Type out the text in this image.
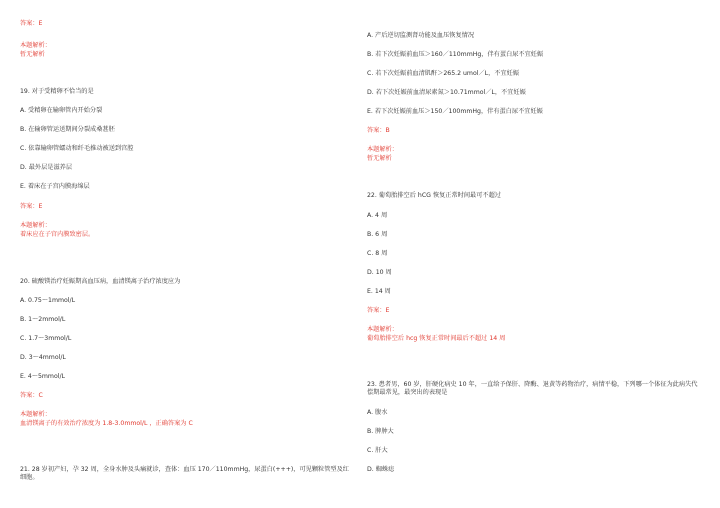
答案：E
本题解析：
暂无解析
19. 对于受精卵不恰当的是
A. 受精卵在输卵管内开始分裂
B. 在输卵管运送期间分裂成桑葚胚
C. 依靠输卵管蠕动和纤毛推动被送到宫腔
D. 最外层是滋养层
E. 着床在子宫内膜海绵层
答案：E
本题解析：
着床应在子宫内膜致密层。
20. 硫酸镁治疗妊娠期高血压病，血清镁离子治疗浓度应为
A. 0.75～1mmol/L
B. 1～2mmol/L
C. 1.7～3mmol/L
D. 3～4mmol/L
E. 4～5mmol/L
答案：C
本题解析：
血清镁离子的有效治疗浓度为 1.8-3.0mmol/L ，正确答案为 C
21. 28 岁初产妇，孕 32 周，全身水肿及头痛就诊，查体：血压 170／110mmHg，尿蛋白(+++)，可见颗粒管型及红细胞。
A. 产后逆切监测肾功能及血压恢复情况
B. 若下次妊娠前血压＞160／110mmHg，伴有蛋白尿不宜妊娠
C. 若下次妊娠前血清肌酐＞265.2 umol／L，不宜妊娠
D. 若下次妊娠前血清尿素氮＞10.71mmol／L，不宜妊娠
E. 若下次妊娠前血压＞150／100mmHg，伴有蛋白尿不宜妊娠
答案：B
本题解析：
暂无解析
22. 葡萄胎排空后 hCG 恢复正常时间最可不超过
A. 4 周
B. 6 周
C. 8 周
D. 10 周
E. 14 周
答案：E
本题解析：
葡萄胎排空后 hcg 恢复正常时间最后不超过 14 周
23. 患者男，60 岁，肝硬化病史 10 年，一直给予保肝、降酶、退黄等药物治疗，病情平稳，下列哪一个体征为此病失代偿期最常见，最突出的表现是
A. 腹水
B. 脾肿大
C. 肝大
D. 蜘蛛痣
